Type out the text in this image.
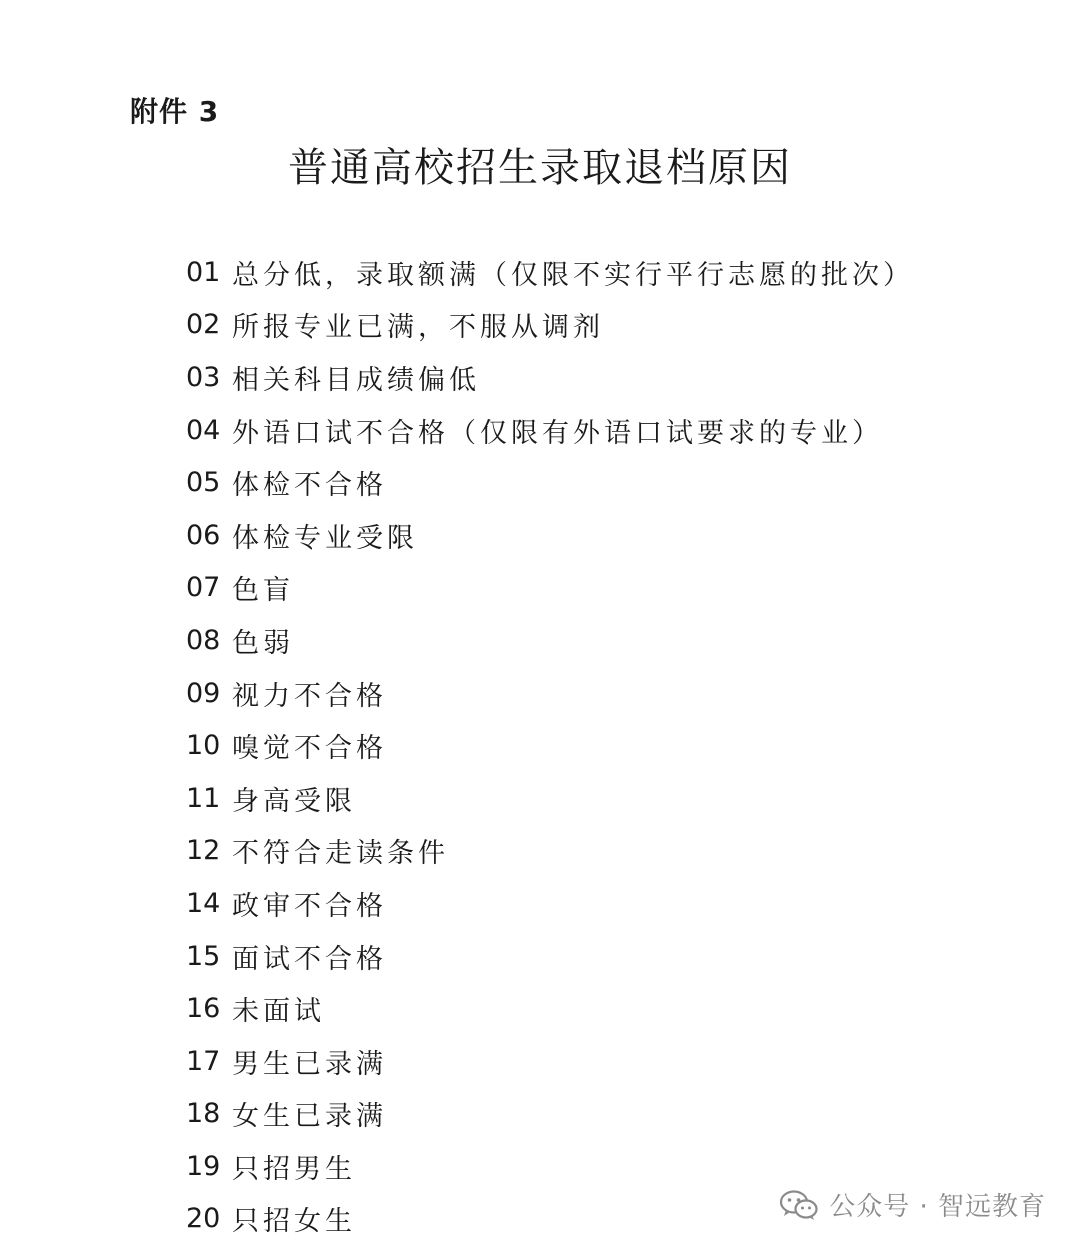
附件 3
普通高校招生录取退档原因
01 总分低，录取额满（仅限不实行平行志愿的批次）
02 所报专业已满，不服从调剂
03 相关科目成绩偏低
04 外语口试不合格（仅限有外语口试要求的专业）
05 体检不合格
06 体检专业受限
07 色盲
08 色弱
09 视力不合格
10 嗅觉不合格
11 身高受限
12 不符合走读条件
14 政审不合格
15 面试不合格
16 未面试
17 男生已录满
18 女生已录满
19 只招男生
20 只招女生	公众号 · 智远教育
